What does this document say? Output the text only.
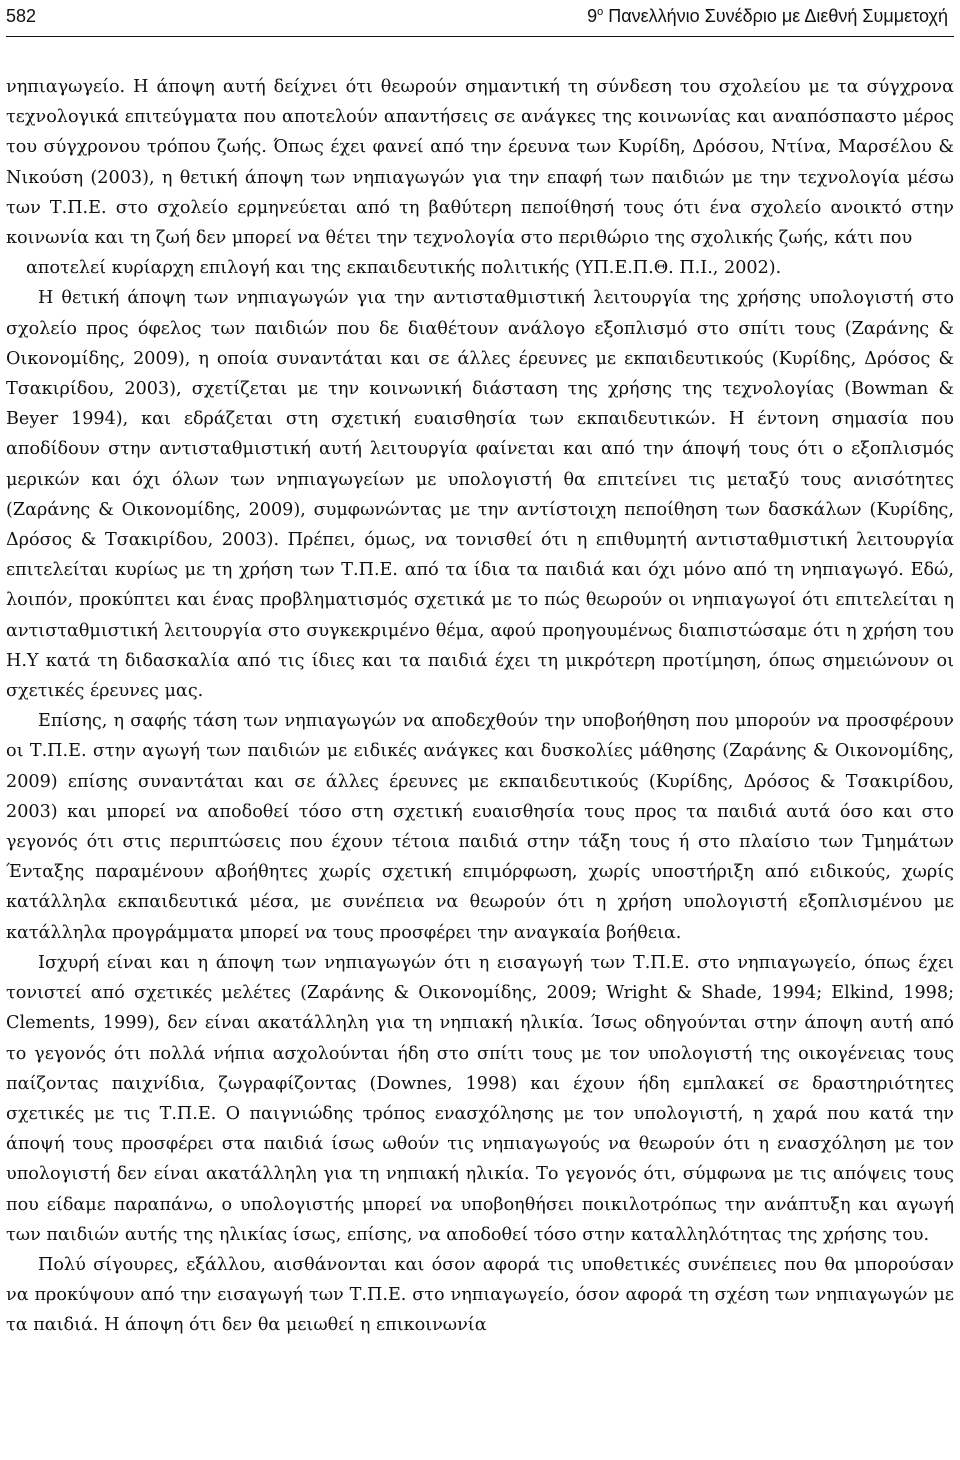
582	$9^o$ Πανελλήνιο Συνέδριο με Διεθνή Συμμετοχή

νηπιαγωγείο. Η άποψη αυτή δείχνει ότι θεωρούν σημαντική τη σύνδεση του σχολείου με τα σύγχρονα τεχνολογικά επιτεύγματα που αποτελούν απαντήσεις σε ανάγκες της κοινωνίας και αναπόσπαστο μέρος του σύγχρονου τρόπου ζωής. Όπως έχει φανεί από την έρευνα των Κυρίδη, Δρόσου, Ντίνα, Μαρσέλου & Νικούση (2003), η θετική άποψη των νηπιαγωγών για την επαφή των παιδιών με την τεχνολογία μέσω των Τ.Π.Ε. στο σχολείο ερμηνεύεται από τη βαθύτερη πεποίθησή τους ότι ένα σχολείο ανοικτό στην κοινωνία και τη ζωή δεν μπορεί να θέτει την τεχνολογία στο περιθώριο της σχολικής ζωής, κάτι που

αποτελεί κυρίαρχη επιλογή και της εκπαιδευτικής πολιτικής (ΥΠ.Ε.Π.Θ. Π.Ι., 2002).

Η θετική άποψη των νηπιαγωγών για την αντισταθμιστική λειτουργία της χρήσης υπολογιστή στο σχολείο προς όφελος των παιδιών που δε διαθέτουν ανάλογο εξοπλισμό στο σπίτι τους (Ζαράνης & Οικονομίδης, 2009), η οποία συναντάται και σε άλλες έρευνες με εκπαιδευτικούς (Κυρίδης, Δρόσος & Τσακιρίδου, 2003), σχετίζεται με την κοινωνική διάσταση της χρήσης της τεχνολογίας (Bowman & Beyer 1994), και εδράζεται στη σχετική ευαισθησία των εκπαιδευτικών. Η έντονη σημασία που αποδίδουν στην αντισταθμιστική αυτή λειτουργία φαίνεται και από την άποψή τους ότι ο εξοπλισμός μερικών και όχι όλων των νηπιαγωγείων με υπολογιστή θα επιτείνει τις μεταξύ τους ανισότητες (Ζαράνης & Οικονομίδης, 2009), συμφωνώντας με την αντίστοιχη πεποίθηση των δασκάλων (Κυρίδης, Δρόσος & Τσακιρίδου, 2003). Πρέπει, όμως, να τονισθεί ότι η επιθυμητή αντισταθμιστική λειτουργία επιτελείται κυρίως με τη χρήση των Τ.Π.Ε. από τα ίδια τα παιδιά και όχι μόνο από τη νηπιαγωγό. Εδώ, λοιπόν, προκύπτει και ένας προβληματισμός σχετικά με το πώς θεωρούν οι νηπιαγωγοί ότι επιτελείται η αντισταθμιστική λειτουργία στο συγκεκριμένο θέμα, αφού προηγουμένως διαπιστώσαμε ότι η χρήση του Η.Υ κατά τη διδασκαλία από τις ίδιες και τα παιδιά έχει τη μικρότερη προτίμηση, όπως σημειώνουν οι σχετικές έρευνες μας.

Επίσης, η σαφής τάση των νηπιαγωγών να αποδεχθούν την υποβοήθηση που μπορούν να προσφέρουν οι Τ.Π.Ε. στην αγωγή των παιδιών με ειδικές ανάγκες και δυσκολίες μάθησης (Ζαράνης & Οικονομίδης, 2009) επίσης συναντάται και σε άλλες έρευνες με εκπαιδευτικούς (Κυρίδης, Δρόσος & Τσακιρίδου, 2003) και μπορεί να αποδοθεί τόσο στη σχετική ευαισθησία τους προς τα παιδιά αυτά όσο και στο γεγονός ότι στις περιπτώσεις που έχουν τέτοια παιδιά στην τάξη τους ή στο πλαίσιο των Τμημάτων Ένταξης παραμένουν αβοήθητες χωρίς σχετική επιμόρφωση, χωρίς υποστήριξη από ειδικούς, χωρίς κατάλληλα εκπαιδευτικά μέσα, με συνέπεια να θεωρούν ότι η χρήση υπολογιστή εξοπλισμένου με κατάλληλα προγράμματα μπορεί να τους προσφέρει την αναγκαία βοήθεια.

Ισχυρή είναι και η άποψη των νηπιαγωγών ότι η εισαγωγή των Τ.Π.Ε. στο νηπιαγωγείο, όπως έχει τονιστεί από σχετικές μελέτες (Ζαράνης & Οικονομίδης, 2009; Wright & Shade, 1994; Elkind, 1998; Clements, 1999), δεν είναι ακατάλληλη για τη νηπιακή ηλικία. Ίσως οδηγούνται στην άποψη αυτή από το γεγονός ότι πολλά νήπια ασχολούνται ήδη στο σπίτι τους με τον υπολογιστή της οικογένειας τους παίζοντας παιχνίδια, ζωγραφίζοντας (Downes, 1998) και έχουν ήδη εμπλακεί σε δραστηριότητες σχετικές με τις Τ.Π.Ε. Ο παιγνιώδης τρόπος ενασχόλησης με τον υπολογιστή, η χαρά που κατά την άποψή τους προσφέρει στα παιδιά ίσως ωθούν τις νηπιαγωγούς να θεωρούν ότι η ενασχόληση με τον υπολογιστή δεν είναι ακατάλληλη για τη νηπιακή ηλικία. Το γεγονός ότι, σύμφωνα με τις απόψεις τους που είδαμε παραπάνω, ο υπολογιστής μπορεί να υποβοηθήσει ποικιλοτρόπως την ανάπτυξη και αγωγή των παιδιών αυτής της ηλικίας ίσως, επίσης, να αποδοθεί τόσο στην καταλληλότητας της χρήσης του.

Πολύ σίγουρες, εξάλλου, αισθάνονται και όσον αφορά τις υποθετικές συνέπειες που θα μπορούσαν να προκύψουν από την εισαγωγή των Τ.Π.Ε. στο νηπιαγωγείο, όσον αφορά τη σχέση των νηπιαγωγών με τα παιδιά. Η άποψη ότι δεν θα μειωθεί η επικοινωνία
